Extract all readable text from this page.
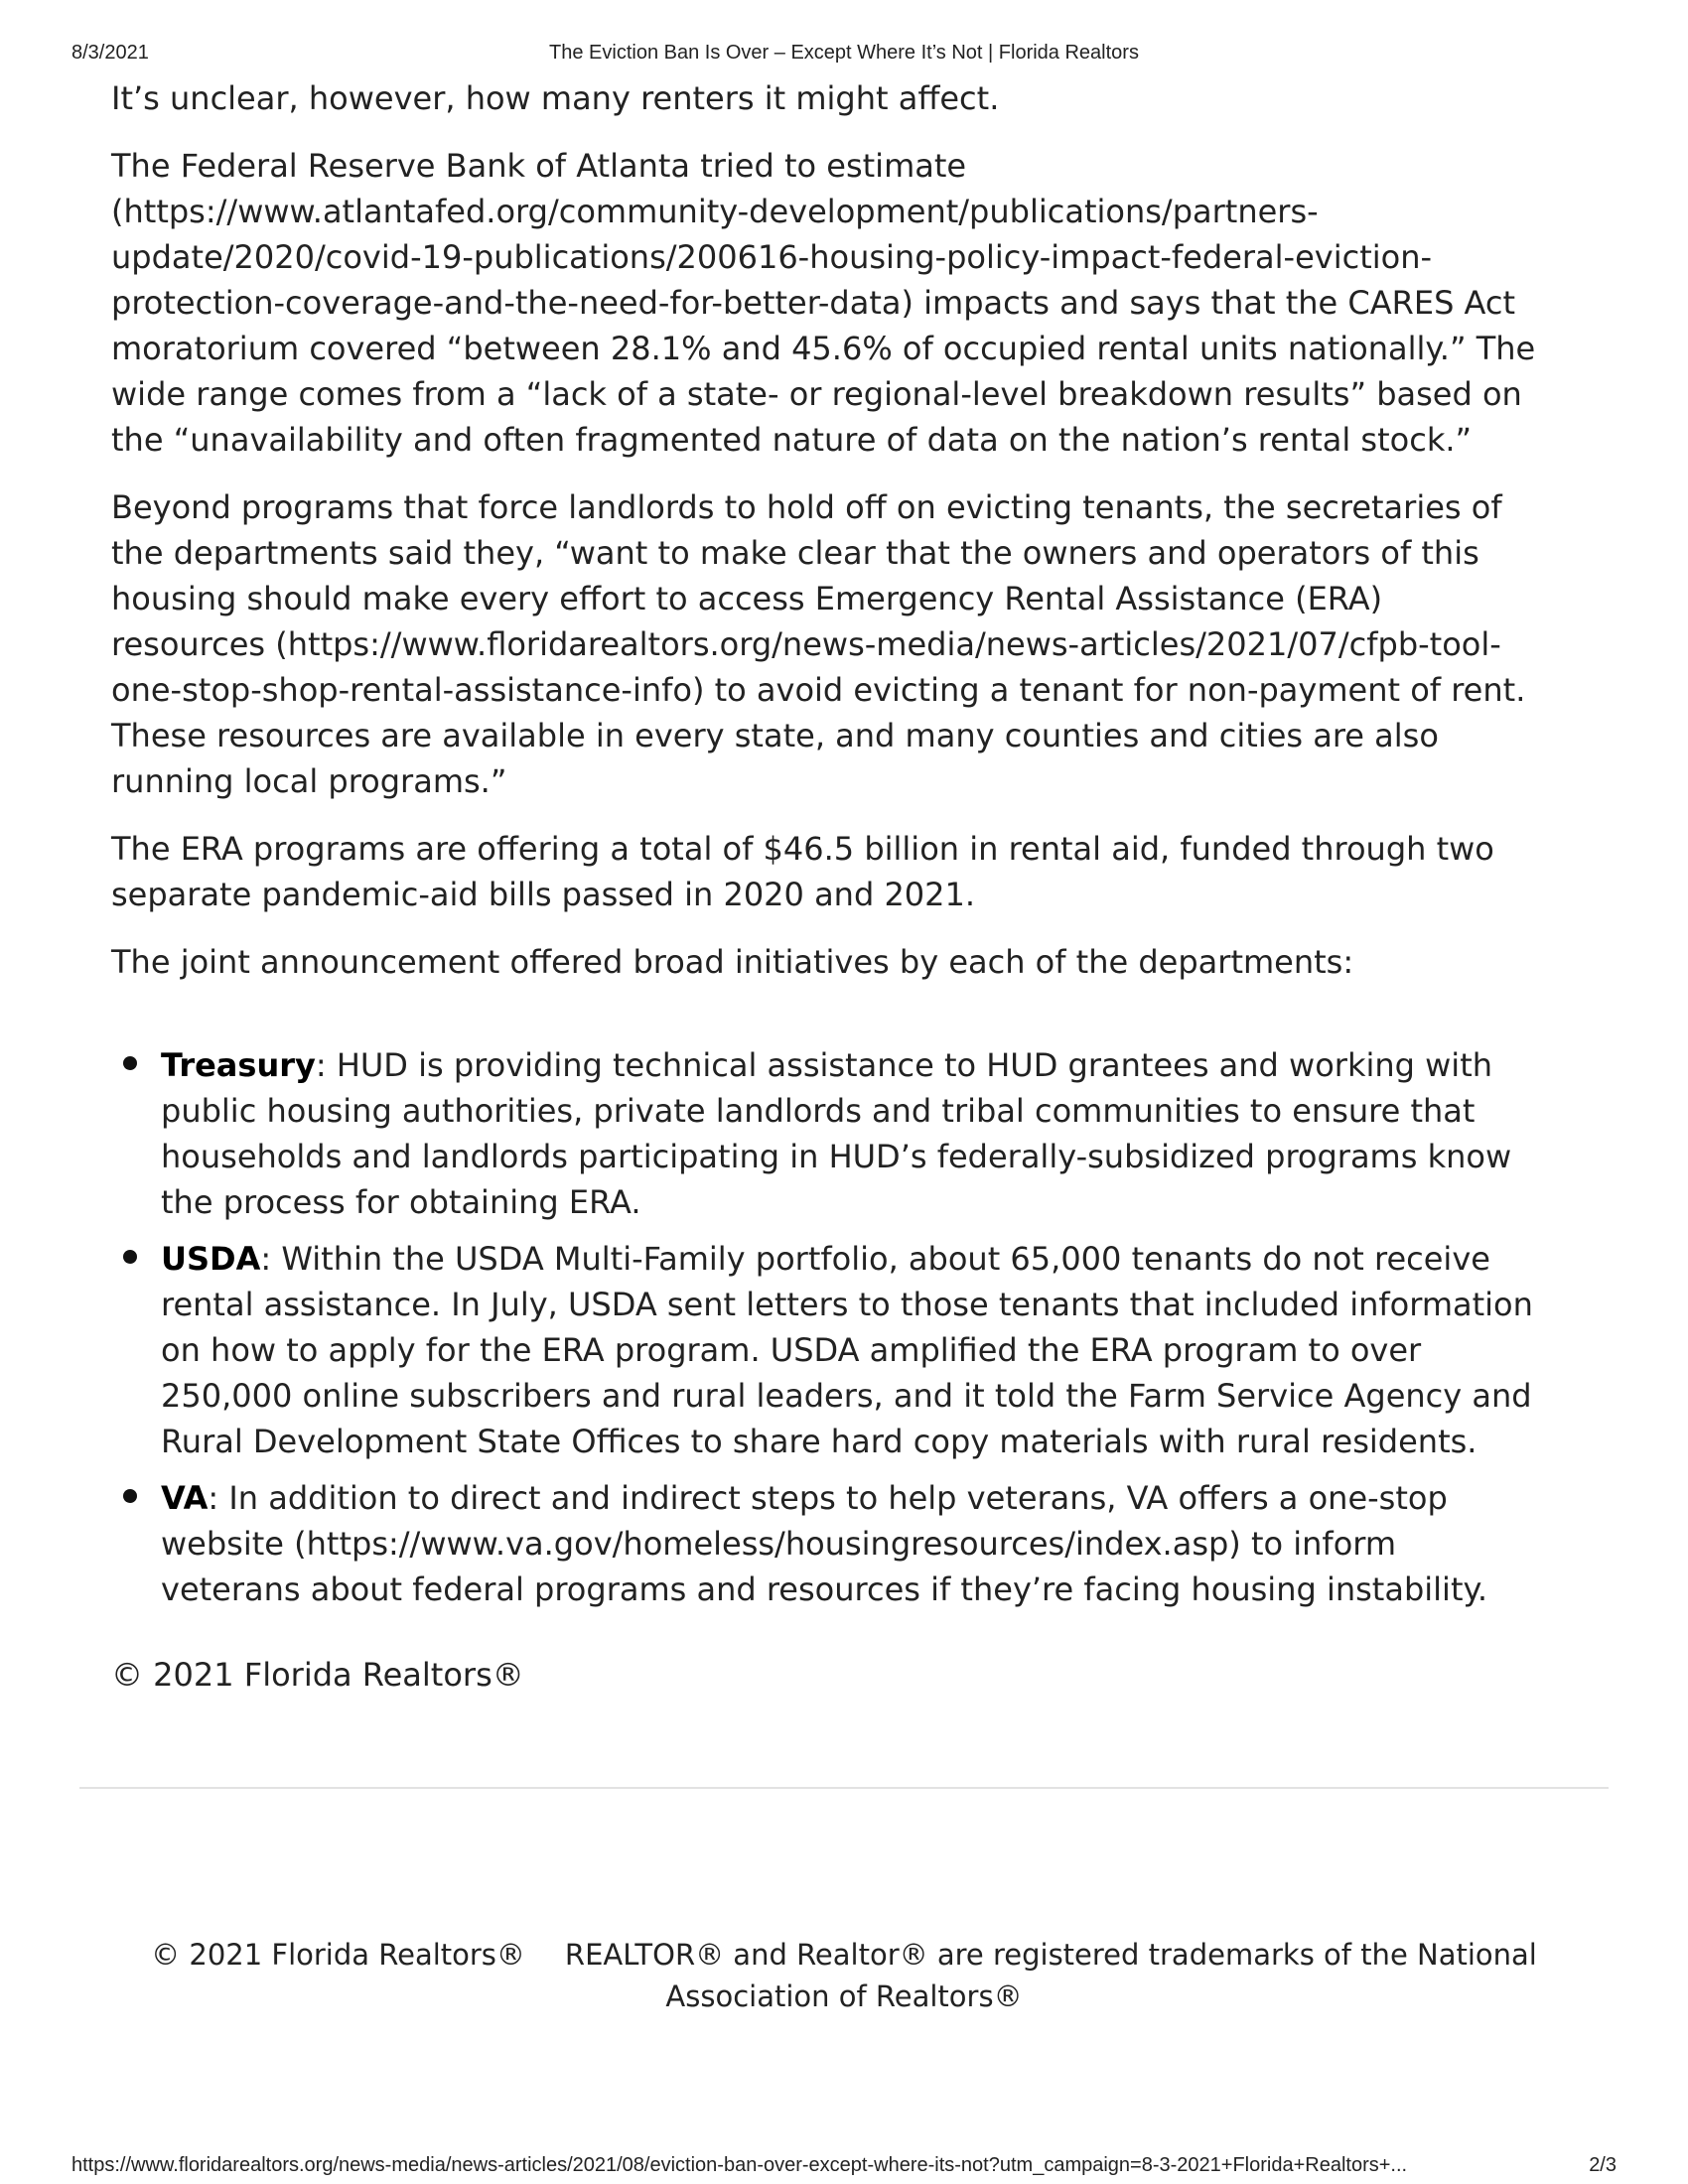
8/3/2021	The Eviction Ban Is Over – Except Where It’s Not | Florida Realtors

It’s unclear, however, how many renters it might affect.

The Federal Reserve Bank of Atlanta tried to estimate (https://www.atlantafed.org/community-development/publications/partners-update/2020/covid-19-publications/200616-housing-policy-impact-federal-eviction-protection-coverage-and-the-need-for-better-data) impacts and says that the CARES Act moratorium covered “between 28.1% and 45.6% of occupied rental units nationally.” The wide range comes from a “lack of a state- or regional-level breakdown results” based on the “unavailability and often fragmented nature of data on the nation’s rental stock.”

Beyond programs that force landlords to hold off on evicting tenants, the secretaries of the departments said they, “want to make clear that the owners and operators of this housing should make every effort to access Emergency Rental Assistance (ERA) resources (https://www.floridarealtors.org/news-media/news-articles/2021/07/cfpb-tool-one-stop-shop-rental-assistance-info) to avoid evicting a tenant for non-payment of rent. These resources are available in every state, and many counties and cities are also running local programs.”

The ERA programs are offering a total of $46.5 billion in rental aid, funded through two separate pandemic-aid bills passed in 2020 and 2021.

The joint announcement offered broad initiatives by each of the departments:

Treasury: HUD is providing technical assistance to HUD grantees and working with public housing authorities, private landlords and tribal communities to ensure that households and landlords participating in HUD’s federally-subsidized programs know the process for obtaining ERA.
USDA: Within the USDA Multi-Family portfolio, about 65,000 tenants do not receive rental assistance. In July, USDA sent letters to those tenants that included information on how to apply for the ERA program. USDA amplified the ERA program to over 250,000 online subscribers and rural leaders, and it told the Farm Service Agency and Rural Development State Offices to share hard copy materials with rural residents.
VA: In addition to direct and indirect steps to help veterans, VA offers a one-stop website (https://www.va.gov/homeless/housingresources/index.asp) to inform veterans about federal programs and resources if they’re facing housing instability.

© 2021 Florida Realtors®

© 2021 Florida Realtors® REALTOR® and Realtor® are registered trademarks of the National Association of Realtors®
https://www.floridarealtors.org/news-media/news-articles/2021/08/eviction-ban-over-except-where-its-not?utm_campaign=8-3-2021+Florida+Realtors+...	2/3
